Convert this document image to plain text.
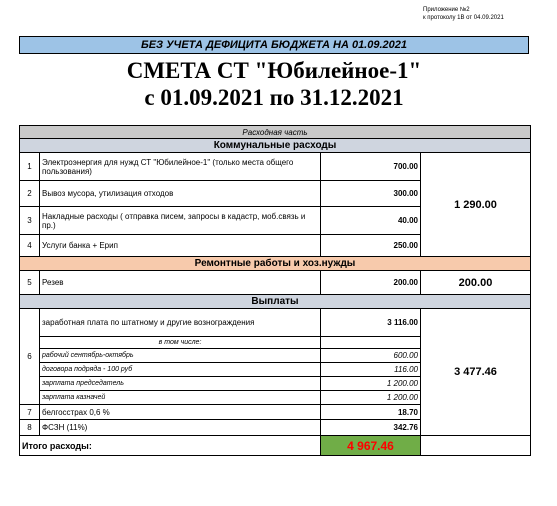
Приложение №2
к протоколу 1В от 04.09.2021
БЕЗ УЧЕТА ДЕФИЦИТА БЮДЖЕТА НА 01.09.2021
СМЕТА СТ "Юбилейное-1"
с 01.09.2021 по 31.12.2021
Расходная часть			
Коммунальные расходы			
1	Электроэнергия для нужд СТ "Юбилейное-1" (только места общего пользования)	700.00	1 290.00
2	Вывоз мусора, утилизация отходов	300.00	
3	Накладные расходы ( отправка писем, запросы в кадастр, моб.связь и пр.)	40.00	
4	Услуги банка + Ерип	250.00	
Ремонтные работы и хоз.нужды			
5	Резев	200.00	200.00
Выплаты			
6	заработная плата по штатному и другие вознограждения	3 116.00	3 477.46
	в том числе:		
	рабочий сентябрь-октябрь	600.00	
	договора подряда - 100 руб	116.00	
	зарплата председатель	1 200.00	
	зарплата казначей	1 200.00	
7	белгосстрах 0,6 %	18.70	
8	ФСЗН (11%)	342.76	
Итого расходы:		4 967.46	
